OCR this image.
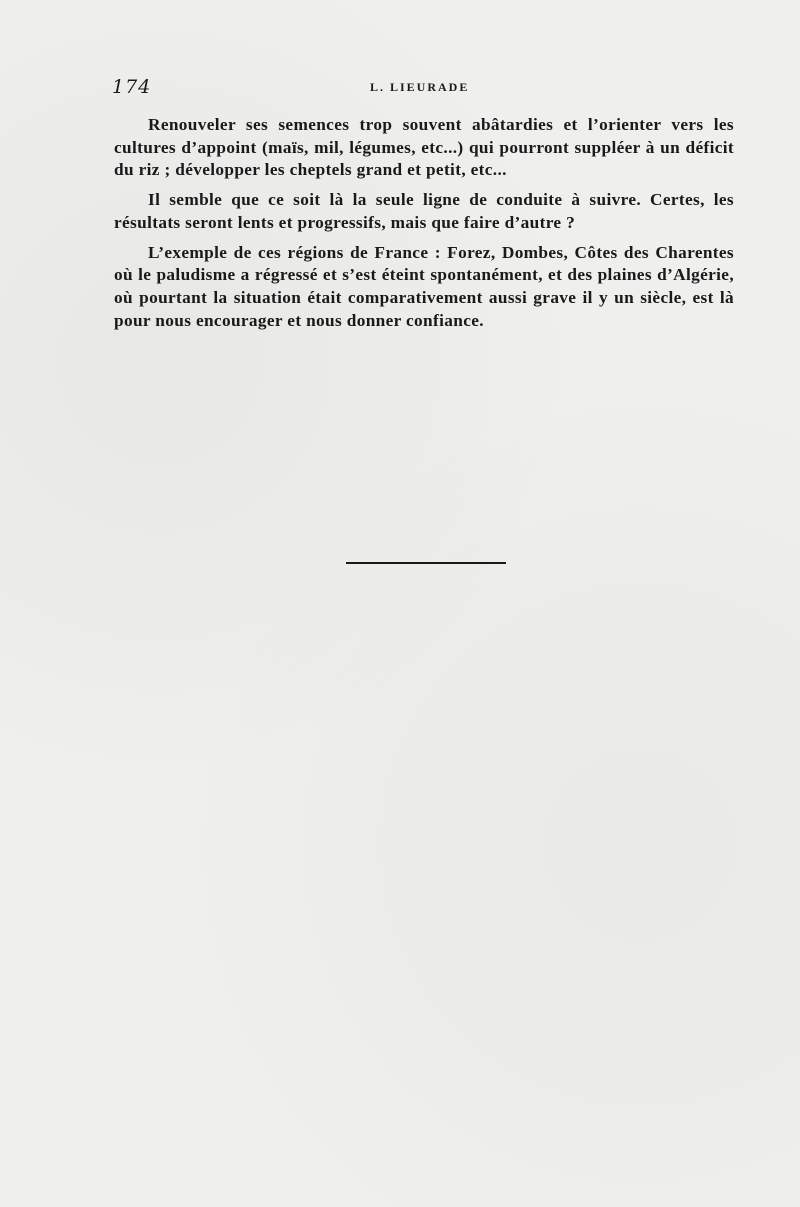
174	L. LIEURADE

Renouveler ses semences trop souvent abâtardies et l’orienter vers les cultures d’appoint (maïs, mil, légumes, etc...) qui pourront suppléer à un déficit du riz ; développer les cheptels grand et petit, etc...

Il semble que ce soit là la seule ligne de conduite à suivre. Certes, les résultats seront lents et progressifs, mais que faire d’autre ?

L’exemple de ces régions de France : Forez, Dombes, Côtes des Charentes où le paludisme a régressé et s’est éteint spontanément, et des plaines d’Algérie, où pourtant la situation était comparativement aussi grave il y un siècle, est là pour nous encourager et nous donner confiance.
